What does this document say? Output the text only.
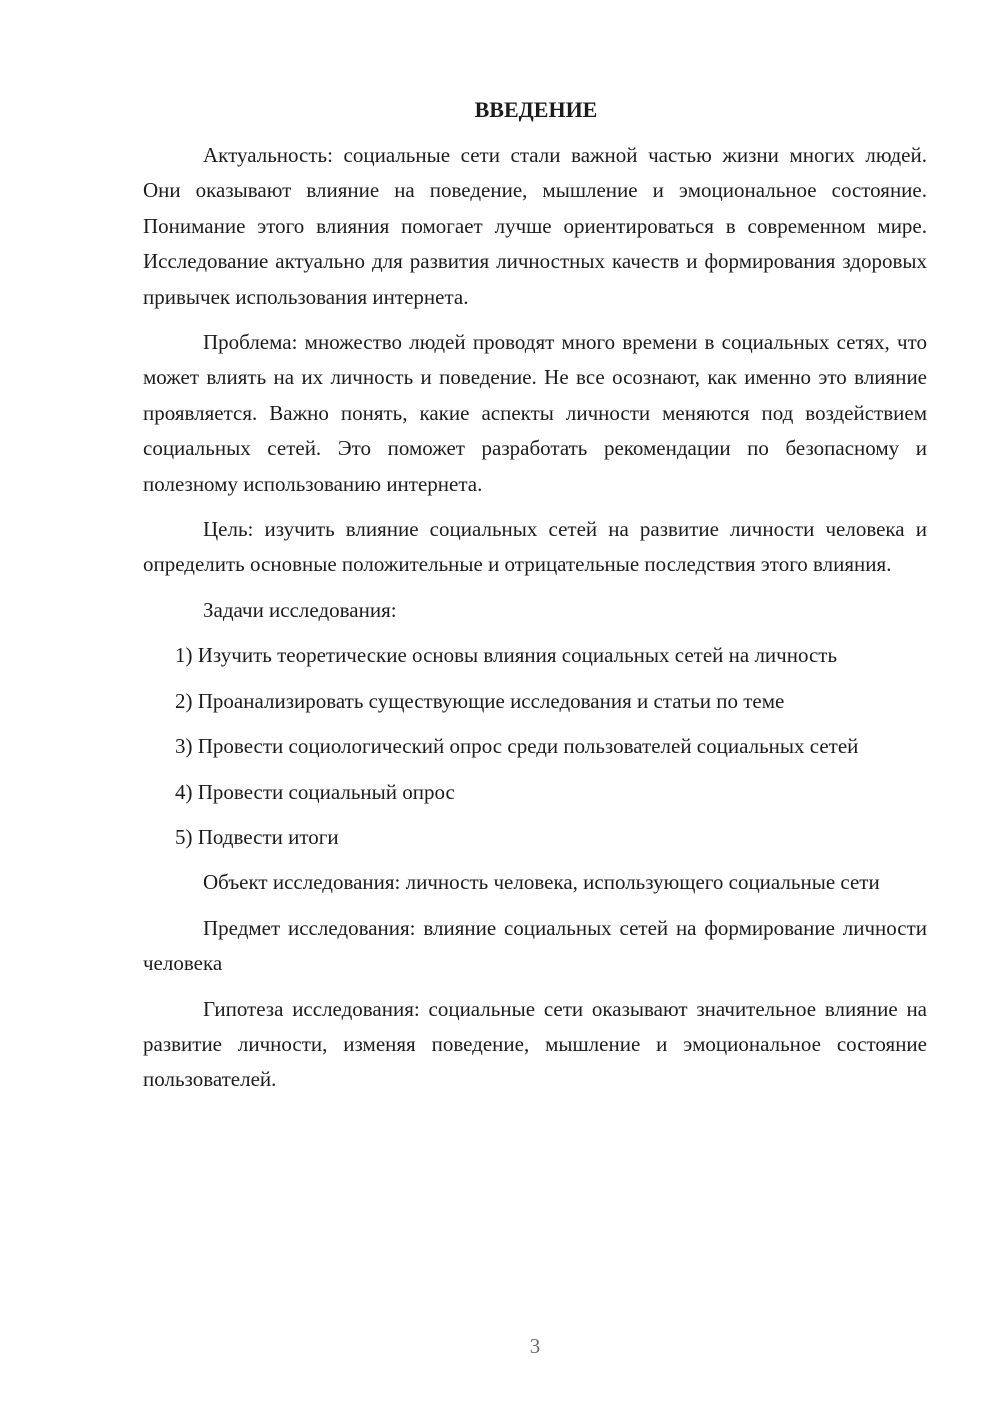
ВВЕДЕНИЕ

Актуальность: социальные сети стали важной частью жизни многих людей. Они оказывают влияние на поведение, мышление и эмоциональное состояние. Понимание этого влияния помогает лучше ориентироваться в современном мире. Исследование актуально для развития личностных качеств и формирования здоровых привычек использования интернета.

Проблема: множество людей проводят много времени в социальных сетях, что может влиять на их личность и поведение. Не все осознают, как именно это влияние проявляется. Важно понять, какие аспекты личности меняются под воздействием социальных сетей. Это поможет разработать рекомендации по безопасному и полезному использованию интернета.

Цель: изучить влияние социальных сетей на развитие личности человека и определить основные положительные и отрицательные последствия этого влияния.

Задачи исследования:

1) Изучить теоретические основы влияния социальных сетей на личность

2) Проанализировать существующие исследования и статьи по теме

3) Провести социологический опрос среди пользователей социальных сетей

4) Провести социальный опрос

5) Подвести итоги

Объект исследования: личность человека, использующего социальные сети

Предмет исследования: влияние социальных сетей на формирование личности человека

Гипотеза исследования: социальные сети оказывают значительное влияние на развитие личности, изменяя поведение, мышление и эмоциональное состояние пользователей.

3
